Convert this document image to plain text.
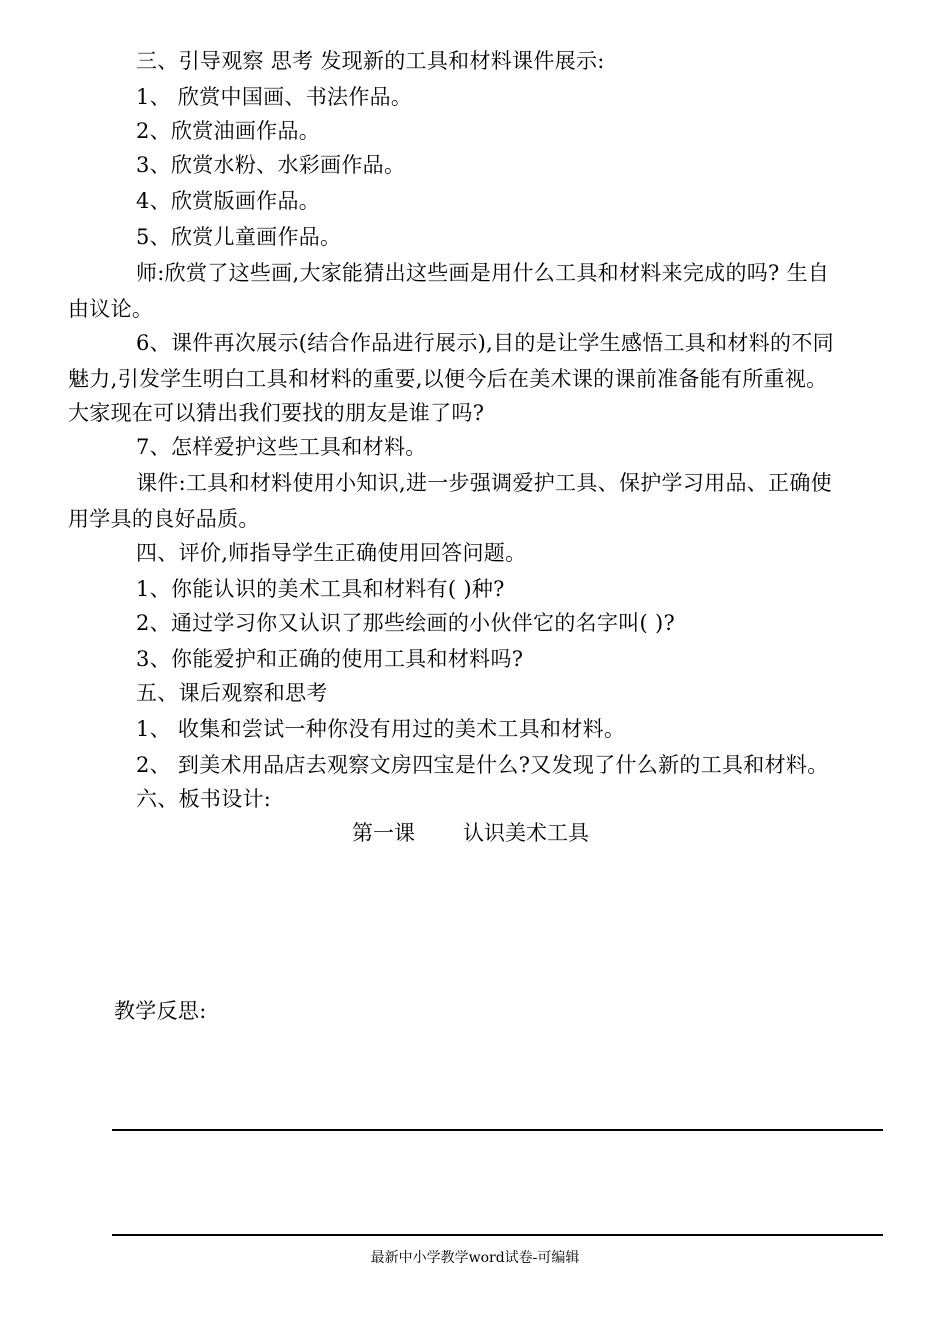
三、引导观察 思考 发现新的工具和材料课件展示:
1、 欣赏中国画、书法作品。
2、欣赏油画作品。
3、欣赏水粉、水彩画作品。
4、欣赏版画作品。
5、欣赏儿童画作品。
师:欣赏了这些画,大家能猜出这些画是用什么工具和材料来完成的吗? 生自
由议论。
6、课件再次展示(结合作品进行展示),目的是让学生感悟工具和材料的不同
魅力,引发学生明白工具和材料的重要,以便今后在美术课的课前准备能有所重视。
大家现在可以猜出我们要找的朋友是谁了吗?
7、怎样爱护这些工具和材料。
课件:工具和材料使用小知识,进一步强调爱护工具、保护学习用品、正确使
用学具的良好品质。
四、评价,师指导学生正确使用回答问题。
1、你能认识的美术工具和材料有( )种?
2、通过学习你又认识了那些绘画的小伙伴它的名字叫( )?
3、你能爱护和正确的使用工具和材料吗?
五、课后观察和思考
1、 收集和尝试一种你没有用过的美术工具和材料。
2、 到美术用品店去观察文房四宝是什么?又发现了什么新的工具和材料。
六、板书设计:
第一课 认识美术工具
教学反思:
最新中小学教学word试卷-可编辑
